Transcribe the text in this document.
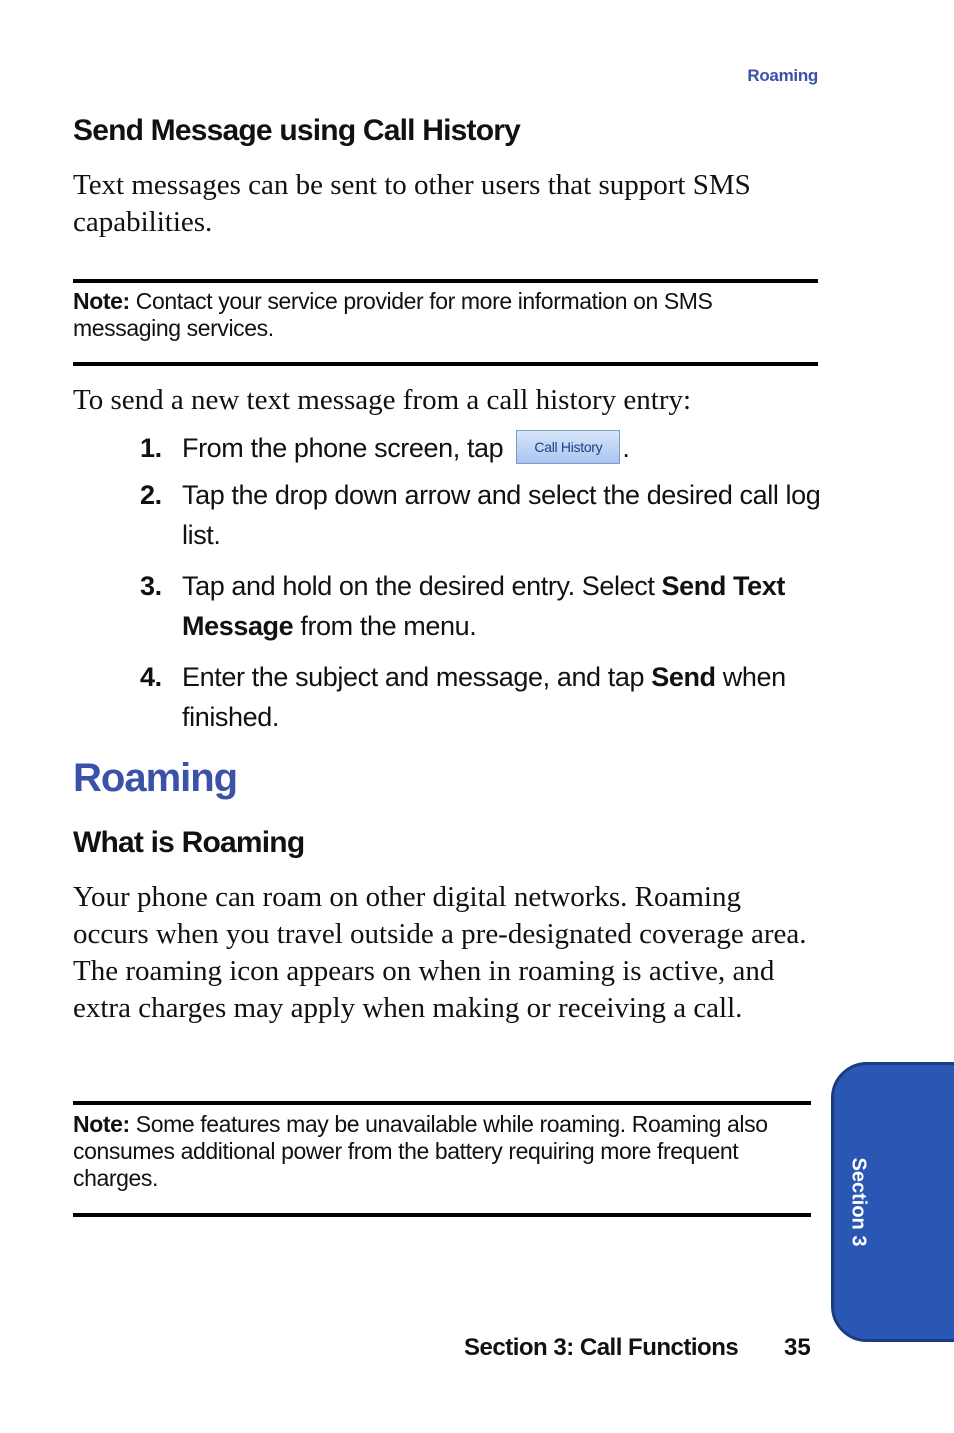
Roaming
Send Message using Call History
Text messages can be sent to other users that support SMS capabilities.
Note: Contact your service provider for more information on SMS messaging services.
To send a new text message from a call history entry:
1. From the phone screen, tap Call History .
2. Tap the drop down arrow and select the desired call log list.
3. Tap and hold on the desired entry. Select Send Text Message from the menu.
4. Enter the subject and message, and tap Send when finished.
Roaming
What is Roaming
Your phone can roam on other digital networks. Roaming occurs when you travel outside a pre-designated coverage area. The roaming icon appears on when in roaming is active, and extra charges may apply when making or receiving a call.
Note: Some features may be unavailable while roaming. Roaming also consumes additional power from the battery requiring more frequent charges.	Section 3
Section 3: Call Functions 35
